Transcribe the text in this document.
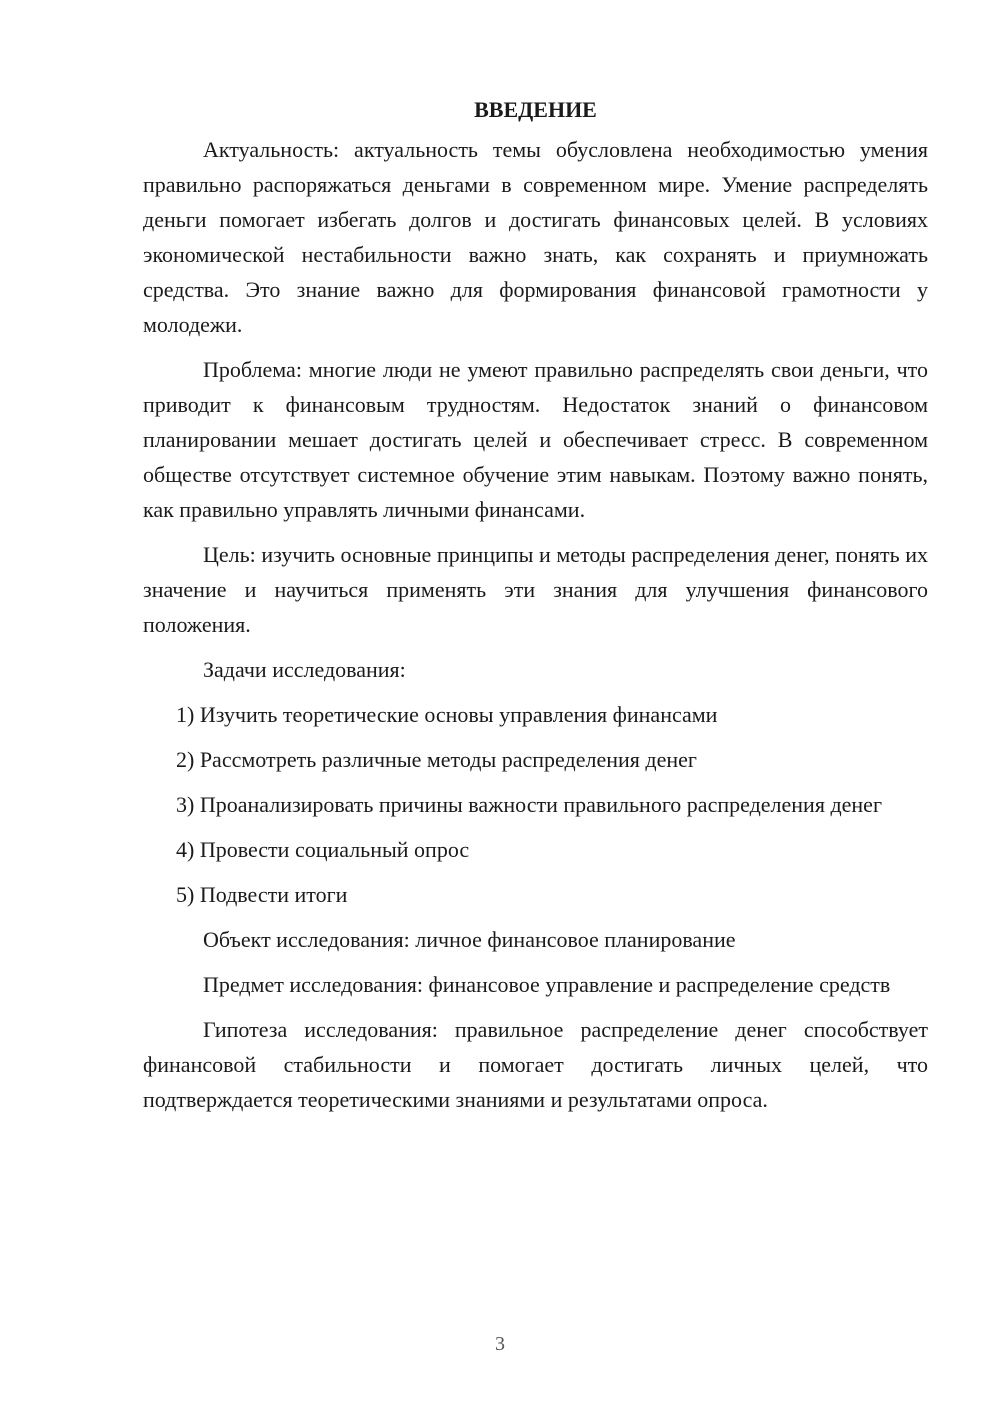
ВВЕДЕНИЕ

Актуальность: актуальность темы обусловлена необходимостью умения правильно распоряжаться деньгами в современном мире. Умение распределять деньги помогает избегать долгов и достигать финансовых целей. В условиях экономической нестабильности важно знать, как сохранять и приумножать средства. Это знание важно для формирования финансовой грамотности у молодежи.

Проблема: многие люди не умеют правильно распределять свои деньги, что приводит к финансовым трудностям. Недостаток знаний о финансовом планировании мешает достигать целей и обеспечивает стресс. В современном обществе отсутствует системное обучение этим навыкам. Поэтому важно понять, как правильно управлять личными финансами.

Цель: изучить основные принципы и методы распределения денег, понять их значение и научиться применять эти знания для улучшения финансового положения.

Задачи исследования:

1) Изучить теоретические основы управления финансами

2) Рассмотреть различные методы распределения денег

3) Проанализировать причины важности правильного распределения денег

4) Провести социальный опрос

5) Подвести итоги

Объект исследования: личное финансовое планирование

Предмет исследования: финансовое управление и распределение средств

Гипотеза исследования: правильное распределение денег способствует финансовой стабильности и помогает достигать личных целей, что подтверждается теоретическими знаниями и результатами опроса.

3
